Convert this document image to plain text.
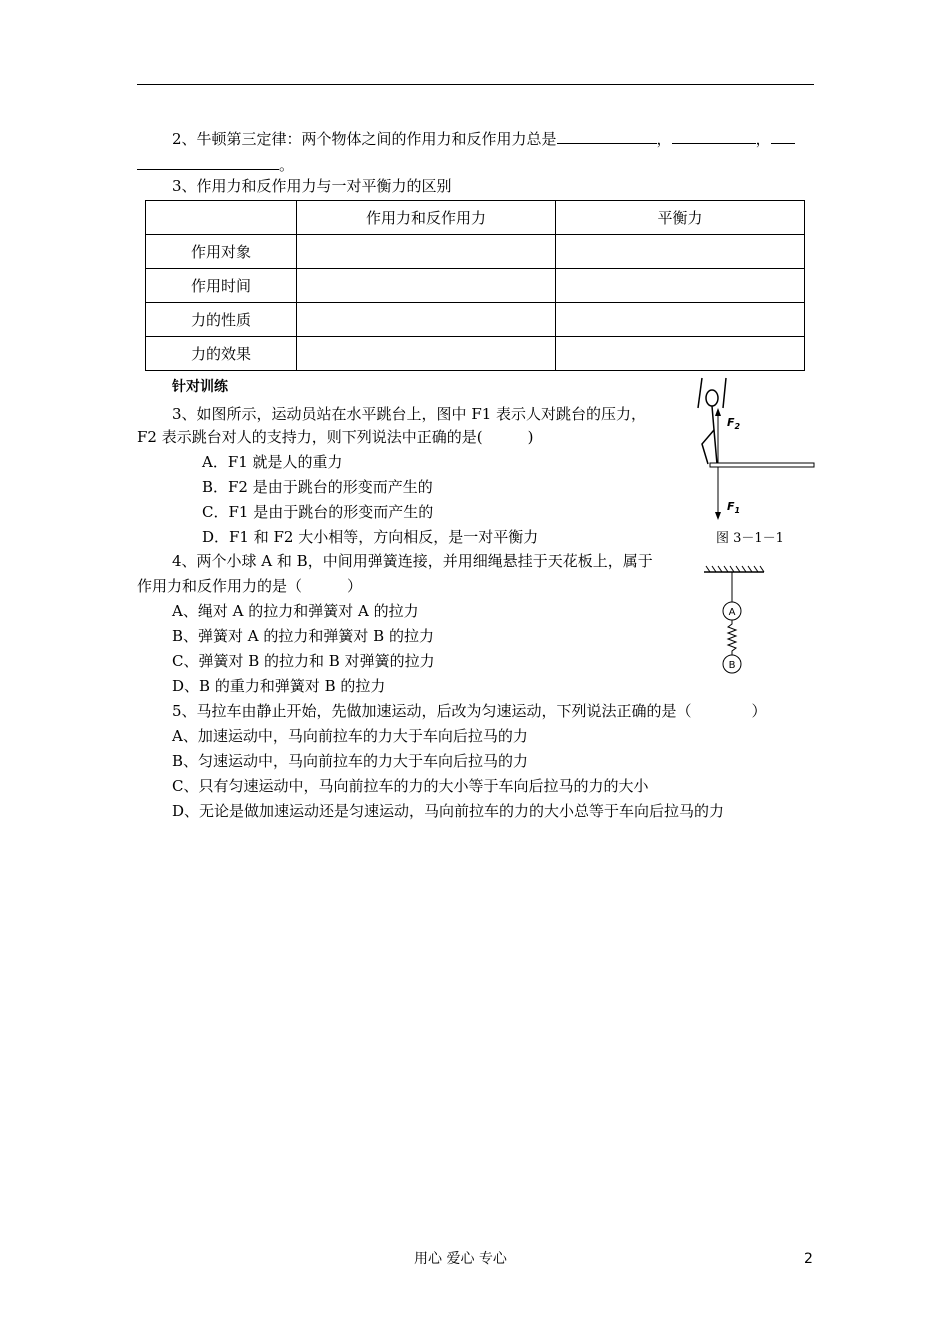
2、牛顿第三定律：两个物体之间的作用力和反作用力总是	，	，
。
3、作用力和反作用力与一对平衡力的区别
	作用力和反作用力	平衡力
作用对象		
作用时间		
力的性质		
力的效果		
针对训练
3、如图所示，运动员站在水平跳台上，图中 F1 表示人对跳台的压力，
F2 表示跳台对人的支持力，则下列说法中正确的是(　　　)
A．F1 就是人的重力
B．F2 是由于跳台的形变而产生的
C．F1 是由于跳台的形变而产生的
D．F1 和 F2 大小相等，方向相反，是一对平衡力
$F_2$
$F_1$
图 3－1－1
4、两个小球 A 和 B，中间用弹簧连接，并用细绳悬挂于天花板上，属于
作用力和反作用力的是（　　　）
A、绳对 A 的拉力和弹簧对 A 的拉力
B、弹簧对 A 的拉力和弹簧对 B 的拉力
C、弹簧对 B 的拉力和 B 对弹簧的拉力
D、B 的重力和弹簧对 B 的拉力
A
B
5、马拉车由静止开始，先做加速运动，后改为匀速运动，下列说法正确的是（　　　　）
A、加速运动中，马向前拉车的力大于车向后拉马的力
B、匀速运动中，马向前拉车的力大于车向后拉马的力
C、只有匀速运动中，马向前拉车的力的大小等于车向后拉马的力的大小
D、无论是做加速运动还是匀速运动，马向前拉车的力的大小总等于车向后拉马的力
用心 爱心 专心	2
